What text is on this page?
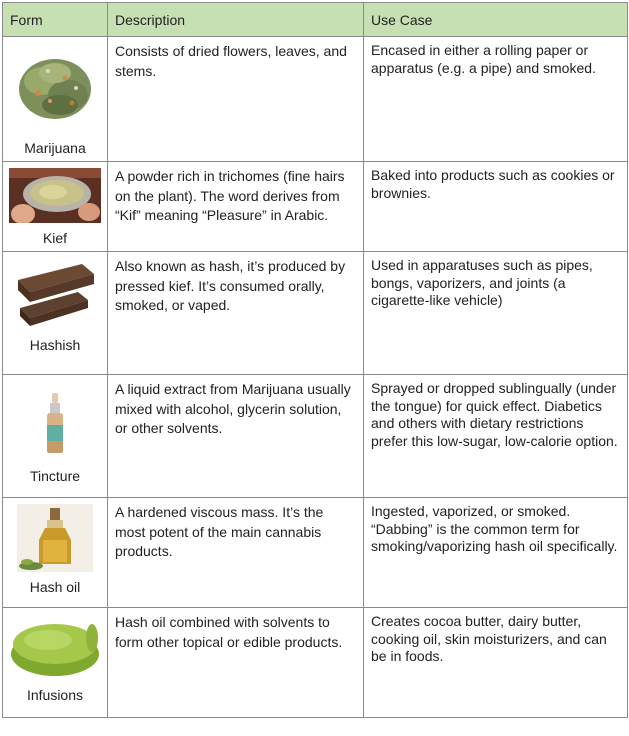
Form	Description	Use Case

Marijuana	Consists of dried flowers, leaves, and stems.	Encased in either a rolling paper or apparatus (e.g. a pipe) and smoked.

Kief	A powder rich in trichomes (fine hairs on the plant). The word derives from “Kif” meaning “Pleasure” in Arabic.	Baked into products such as cookies or brownies.

Hashish	Also known as hash, it’s produced by pressed kief. It’s consumed orally, smoked, or vaped.	Used in apparatuses such as pipes, bongs, vaporizers, and joints (a cigarette-like vehicle)

Tincture	A liquid extract from Marijuana usually mixed with alcohol, glycerin solution, or other solvents.	Sprayed or dropped sublingually (under the tongue) for quick effect. Diabetics and others with dietary restrictions prefer this low-sugar, low-calorie option.

Hash oil	A hardened viscous mass. It’s the most potent of the main cannabis products.	Ingested, vaporized, or smoked. “Dabbing” is the common term for smoking/vaporizing hash oil specifically.

Infusions	Hash oil combined with solvents to form other topical or edible products.	Creates cocoa butter, dairy butter, cooking oil, skin moisturizers, and can be in foods.
